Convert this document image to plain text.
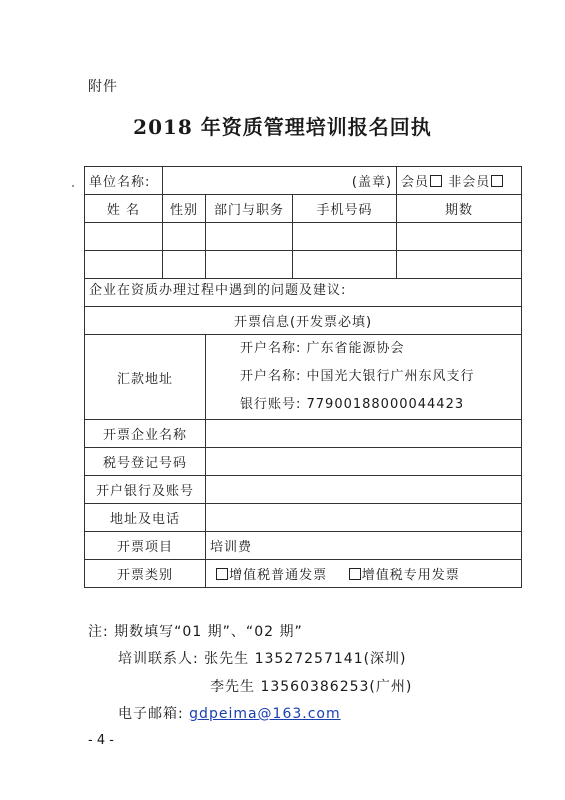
附件
2018 年资质管理培训报名回执
单位名称:	(盖章)			会员 非会员
姓 名	性别	部门与职务	手机号码	期数

企业在资质办理过程中遇到的问题及建议:				
开票信息(开发票必填)				
汇款地址		开户名称: 广东省能源协会
开户名称: 中国光大银行广州东风支行
银行账号: 77900188000044423		

开票企业名称				
税号登记号码				
开户银行及账号				
地址及电话				
开票项目		培训费		
开票类别		增值税普通发票 增值税专用发票		
注: 期数填写“01 期”、“02 期”
培训联系人: 张先生 13527257141(深圳)
李先生 13560386253(广州)
电子邮箱: gdpeima@163.com
- 4 -
